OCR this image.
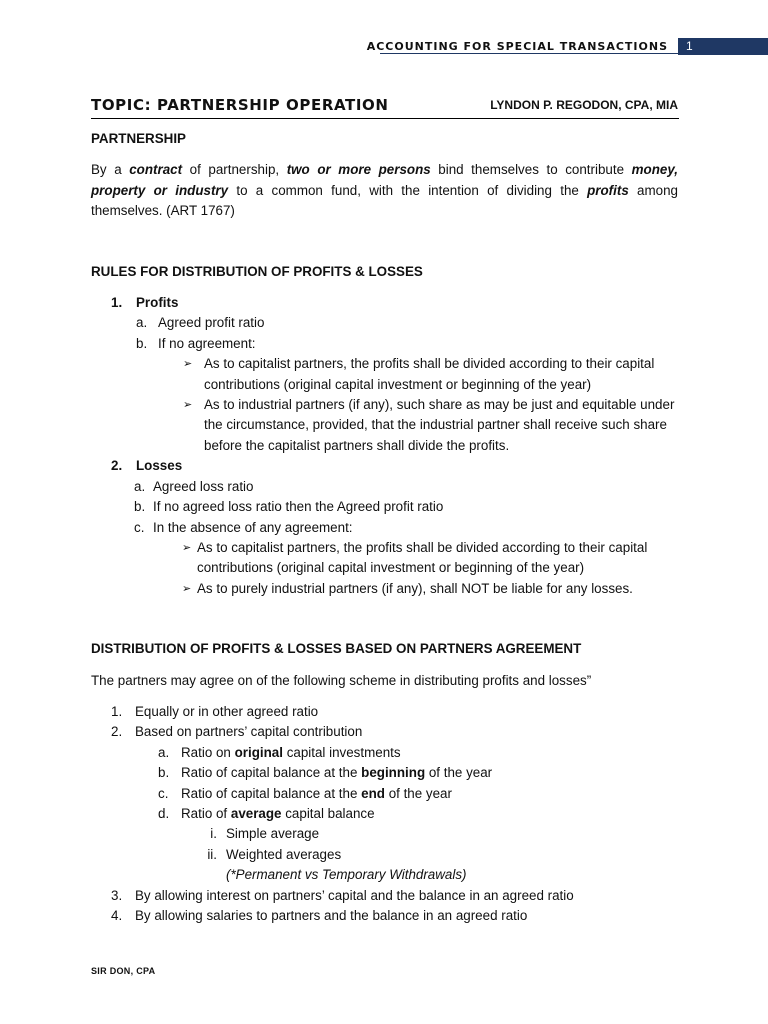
ACCOUNTING FOR SPECIAL TRANSACTIONS	1
TOPIC: PARTNERSHIP OPERATION	LYNDON P. REGODON, CPA, MIA

PARTNERSHIP

By a contract of partnership, two or more persons bind themselves to contribute money, property or industry to a common fund, with the intention of dividing the profits among themselves. (ART 1767)

RULES FOR DISTRIBUTION OF PROFITS & LOSSES

1. Profits
a. Agreed profit ratio
b. If no agreement:
➢ As to capitalist partners, the profits shall be divided according to their capital
contributions (original capital investment or beginning of the year)
➢ As to industrial partners (if any), such share as may be just and equitable under
the circumstance, provided, that the industrial partner shall receive such share
before the capitalist partners shall divide the profits.
2. Losses
a. Agreed loss ratio
b. If no agreed loss ratio then the Agreed profit ratio
c. In the absence of any agreement:
➢ As to capitalist partners, the profits shall be divided according to their capital
contributions (original capital investment or beginning of the year)
➢ As to purely industrial partners (if any), shall NOT be liable for any losses.

DISTRIBUTION OF PROFITS & LOSSES BASED ON PARTNERS AGREEMENT

The partners may agree on of the following scheme in distributing profits and losses”

1. Equally or in other agreed ratio
2. Based on partners’ capital contribution
a. Ratio on original capital investments
b. Ratio of capital balance at the beginning of the year
c. Ratio of capital balance at the end of the year
d. Ratio of average capital balance
i. Simple average
ii. Weighted averages
(*Permanent vs Temporary Withdrawals)
3. By allowing interest on partners’ capital and the balance in an agreed ratio
4. By allowing salaries to partners and the balance in an agreed ratio
SIR DON, CPA
